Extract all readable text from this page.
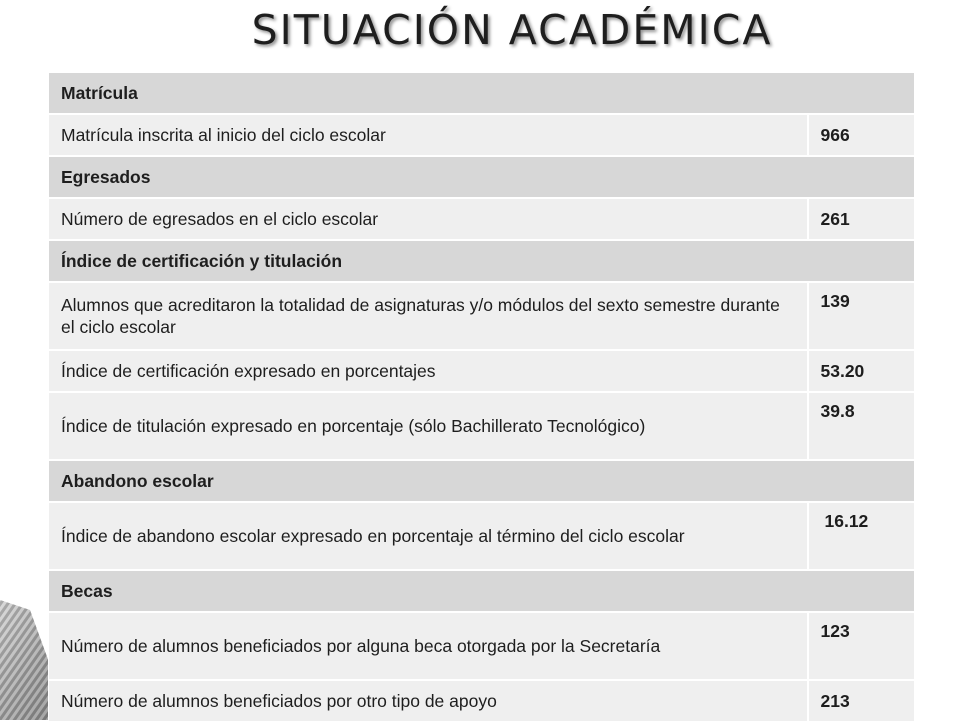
SITUACIÓN ACADÉMICA
Matrícula	
Matrícula inscrita al inicio del ciclo escolar	966
Egresados	
Número de egresados en el ciclo escolar	261
Índice de certificación y titulación	
Alumnos que acreditaron la totalidad de asignaturas y/o módulos del sexto semestre durante el ciclo escolar	139
Índice de certificación expresado en porcentajes	53.20
Índice de titulación expresado en porcentaje (sólo Bachillerato Tecnológico)	39.8
Abandono escolar	
Índice de abandono escolar expresado en porcentaje al término del ciclo escolar	16.12
Becas	
Número de alumnos beneficiados por alguna beca otorgada por la Secretaría	123
Número de alumnos beneficiados por otro tipo de apoyo	213
